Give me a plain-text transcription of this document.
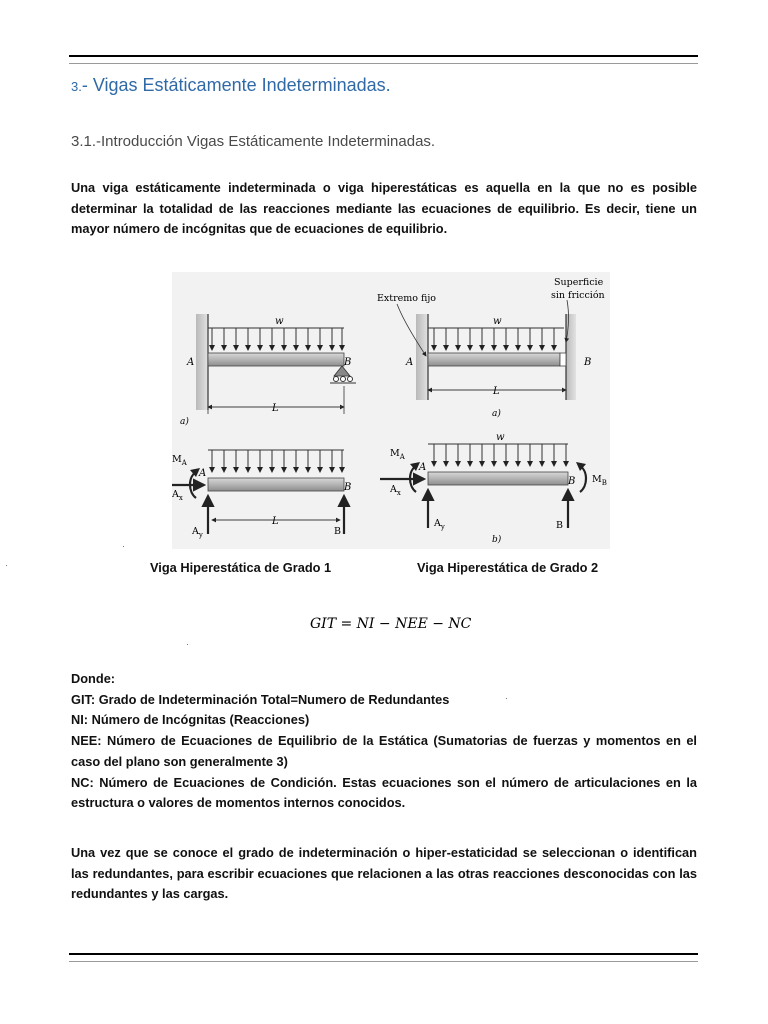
3.- Vigas Estáticamente Indeterminadas.
3.1.-Introducción Vigas Estáticamente Indeterminadas.
Una viga estáticamente indeterminada o viga hiperestáticas es aquella en la que no es posible determinar la totalidad de las reacciones mediante las ecuaciones de equilibrio. Es decir, tiene un mayor número de incógnitas que de ecuaciones de equilibrio.
w
A	B
L
a)
Extremo fijo
Superficie
sin fricción
w
A	B
L
a)
$M_A$
A
B
$A_x$
$A_y$	B
L
w
$M_A$
A
B $M_B$
$A_x$
$A_y$	B
b)
Viga Hiperestática de Grado 1	Viga Hiperestática de Grado 2
GIT = NI − NEE − NC
Donde:
GIT: Grado de Indeterminación Total=Numero de Redundantes
NI: Número de Incógnitas (Reacciones)
NEE: Número de Ecuaciones de Equilibrio de la Estática (Sumatorias de fuerzas y momentos en el caso del plano son generalmente 3)
NC: Número de Ecuaciones de Condición. Estas ecuaciones son el número de articulaciones en la estructura o valores de momentos internos conocidos.
Una vez que se conoce el grado de indeterminación o hiper-estaticidad se seleccionan o identifican las redundantes, para escribir ecuaciones que relacionen a las otras reacciones desconocidas con las redundantes y las cargas.
